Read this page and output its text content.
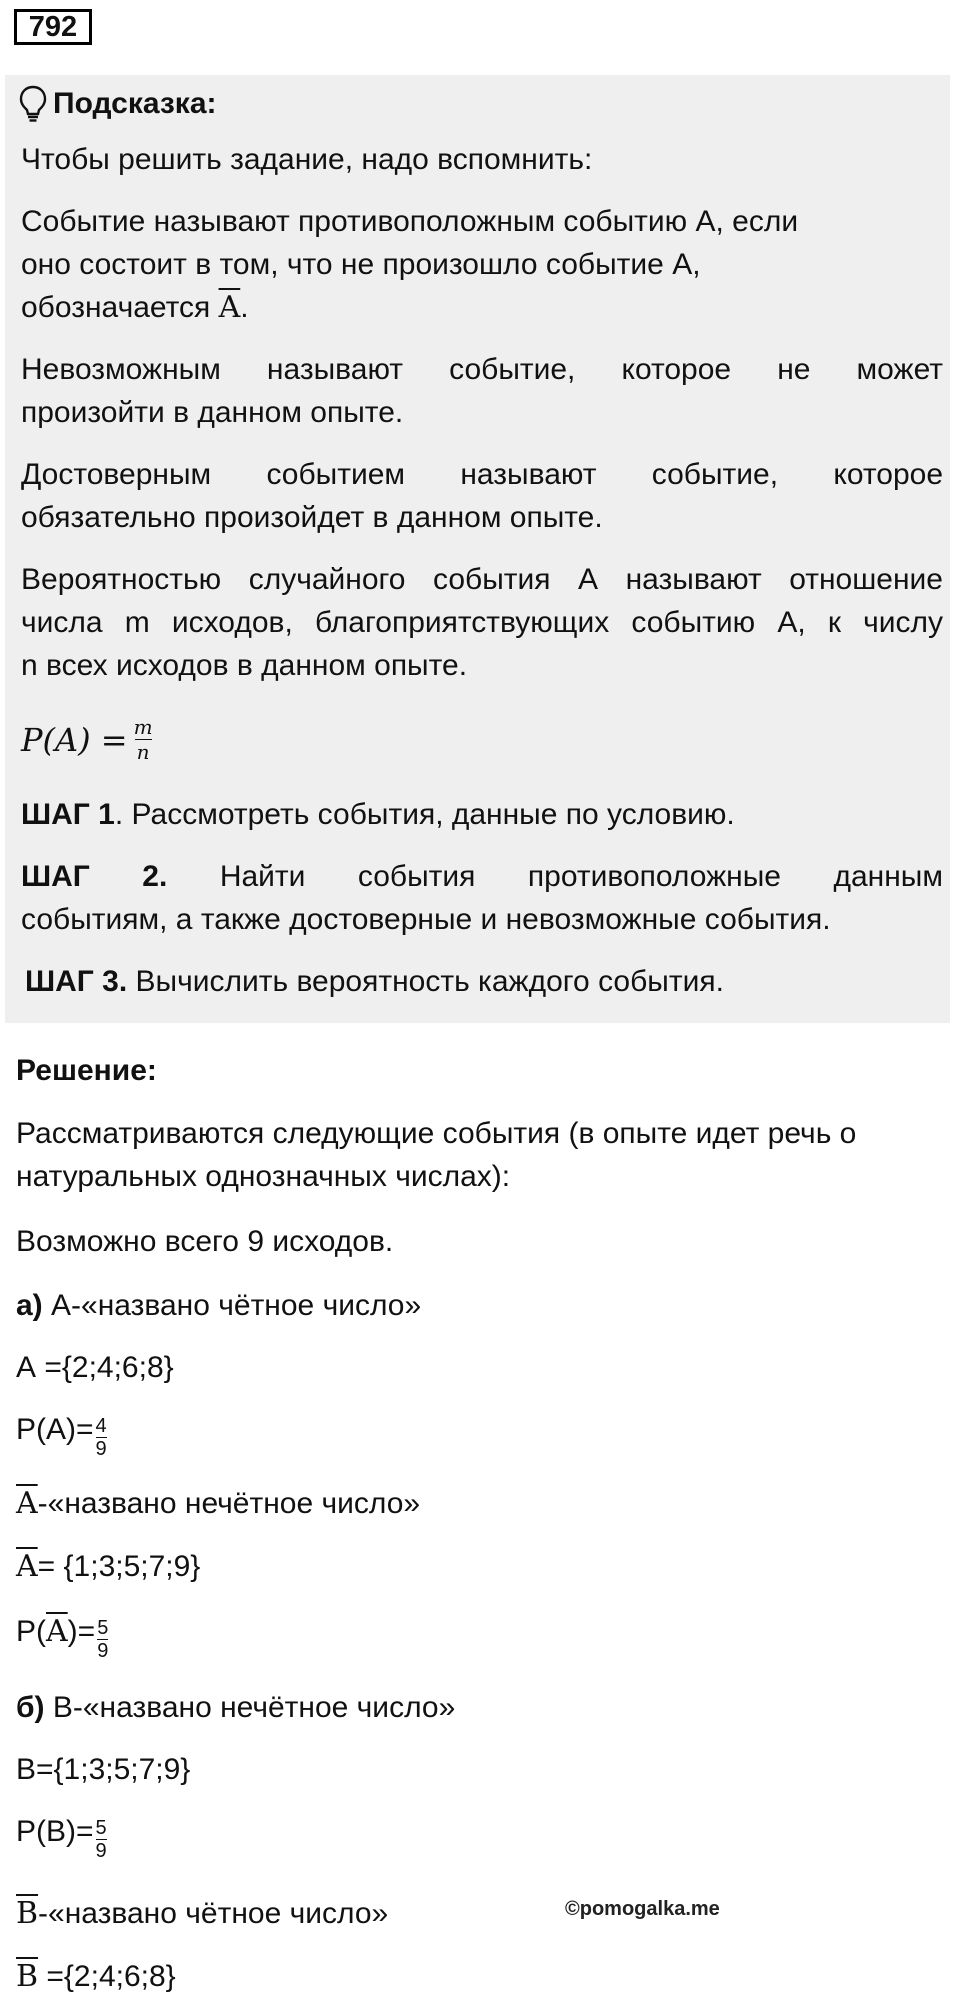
792
Подсказка:

Чтобы решить задание, надо вспомнить:

Событие называют противоположным событию А, если

оно состоит в том, что не произошло событие А,

обозначается $\overline{A}$.

Невозможным называют событие, которое не может

произойти в данном опыте.

Достоверным событием называют событие, которое

обязательно произойдет в данном опыте.

Вероятностью случайного события А называют отношение

числа m исходов, благоприятствующих событию А, к числу

n всех исходов в данном опыте.

$P(A) = \frac{m}{n}$

ШАГ 1. Рассмотреть события, данные по условию.

ШАГ 2. Найти события противоположные данным

событиям, а также достоверные и невозможные события.

ШАГ 3. Вычислить вероятность каждого события.

Решение:

Рассматриваются следующие события (в опыте идет речь о

натуральных однозначных числах):

Возможно всего 9 исходов.

а) А-«названо чётное число»

А ={2;4;6;8}

$P(A)= \frac{4}{9}$

$\overline{A}-«названо$ нечётное число»

$\overline{A}=$ {1;3;5;7;9}

$P(\overline{A})= \frac{5}{9}$

б) В-«названо нечётное число»

В={1;3;5;7;9}

$P(B)= \frac{5}{9}$

$\overline{B}-«названо$ чётное число»	©pomogalka.me

$\overline{B}$ ={2;4;6;8}
